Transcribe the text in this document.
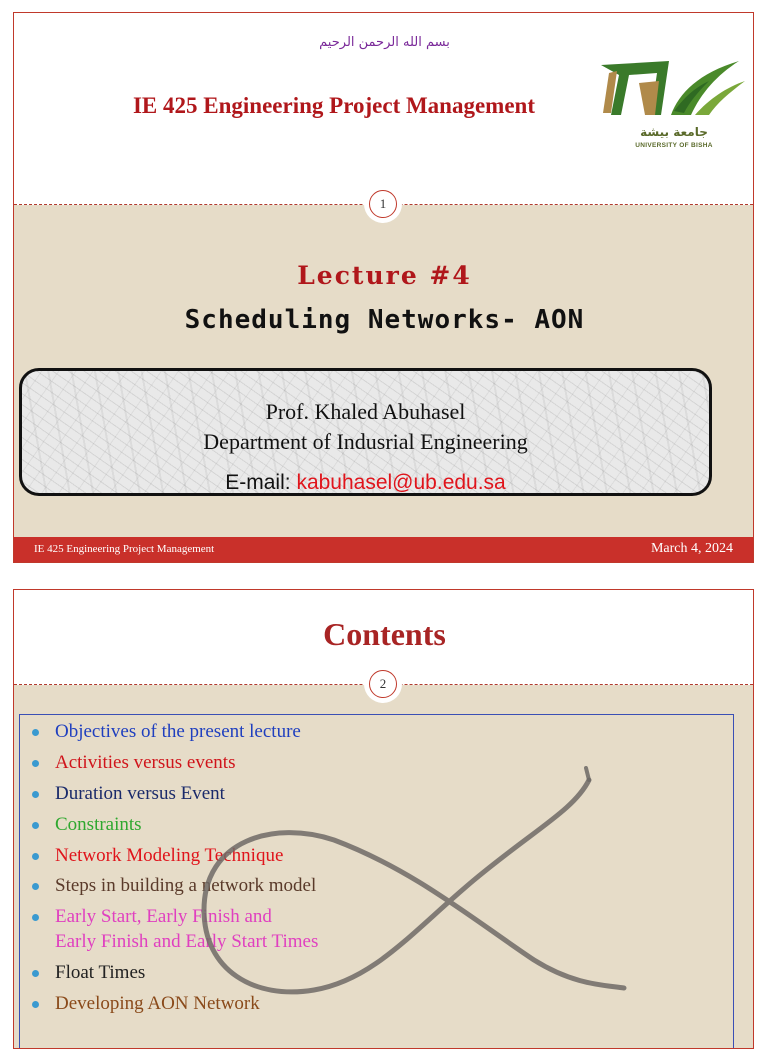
بسم الله الرحمن الرحيم
IE 425 Engineering Project Management
جامعة بيشة
UNIVERSITY OF BISHA
1
Lecture #4
Scheduling Networks- AON
Prof. Khaled Abuhasel
Department of Indusrial Engineering
E-mail: kabuhasel@ub.edu.sa
IE 425 Engineering Project Management	March 4, 2024
Contents
2
Objectives of the present lecture
Activities versus events
Duration versus Event
Constraints
Network Modeling Technique
Steps in building a network model
Early Start, Early Finish and
Early Finish and Early Start Times
Float Times
Developing AON Network
